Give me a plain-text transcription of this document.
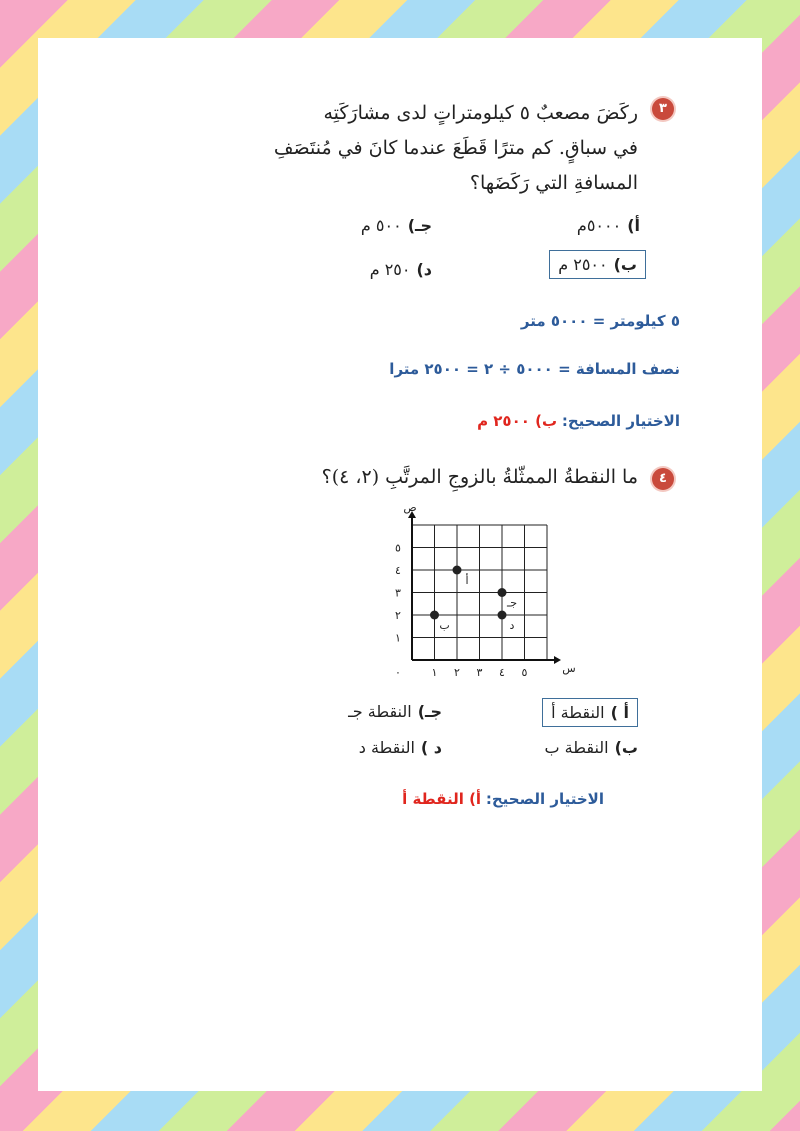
٣
ركَضَ مصعبٌ ٥ كيلومتراتٍ لدى مشارَكَتِه
في سباقٍ. كم مترًا قَطَعَ عندما كانَ في مُنتَصَفِ
المسافةِ التي رَكَضَها؟
أ)٥٠٠٠م
جـ)٥٠٠ م
ب)٢٥٠٠ م
د)٢٥٠ م
٥ كيلومتر = ٥٠٠٠ متر
نصف المسافة = ٥٠٠٠ ÷ ٢ = ٢٥٠٠ مترا
الاختيار الصحيح: ب) ٢٥٠٠ م
٤
ما النقطةُ الممثّلةُ بالزوجِ المرتَّبِ (٢، ٤)؟
ص
س
٠	١ ٢ ٣ ٤ ٥
١
٢
٣
٤
٥
أ
ب
جـ
د
أ )النقطة أ
جـ)النقطة جـ
ب)النقطة ب
د )النقطة د
الاختيار الصحيح: أ) النقطة أ
